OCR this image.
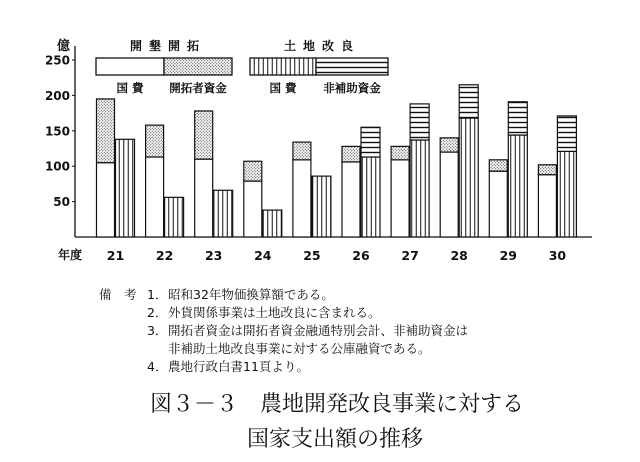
億	開墾開拓
国 費 開拓者資金
土地改良
国 費 非補助資金
50
100
150
200
250
21	22	23	24	25	26	27	28	29	30
年度
備　考 1． 昭和32年物価換算額である。
2． 外貨関係事業は土地改良に含まれる。
3． 開拓者資金は開拓者資金融通特別会計、非補助資金は
非補助土地改良事業に対する公庫融資である。
4． 農地行政白書11頁より。
図３－３　農地開発改良事業に対する
国家支出額の推移
